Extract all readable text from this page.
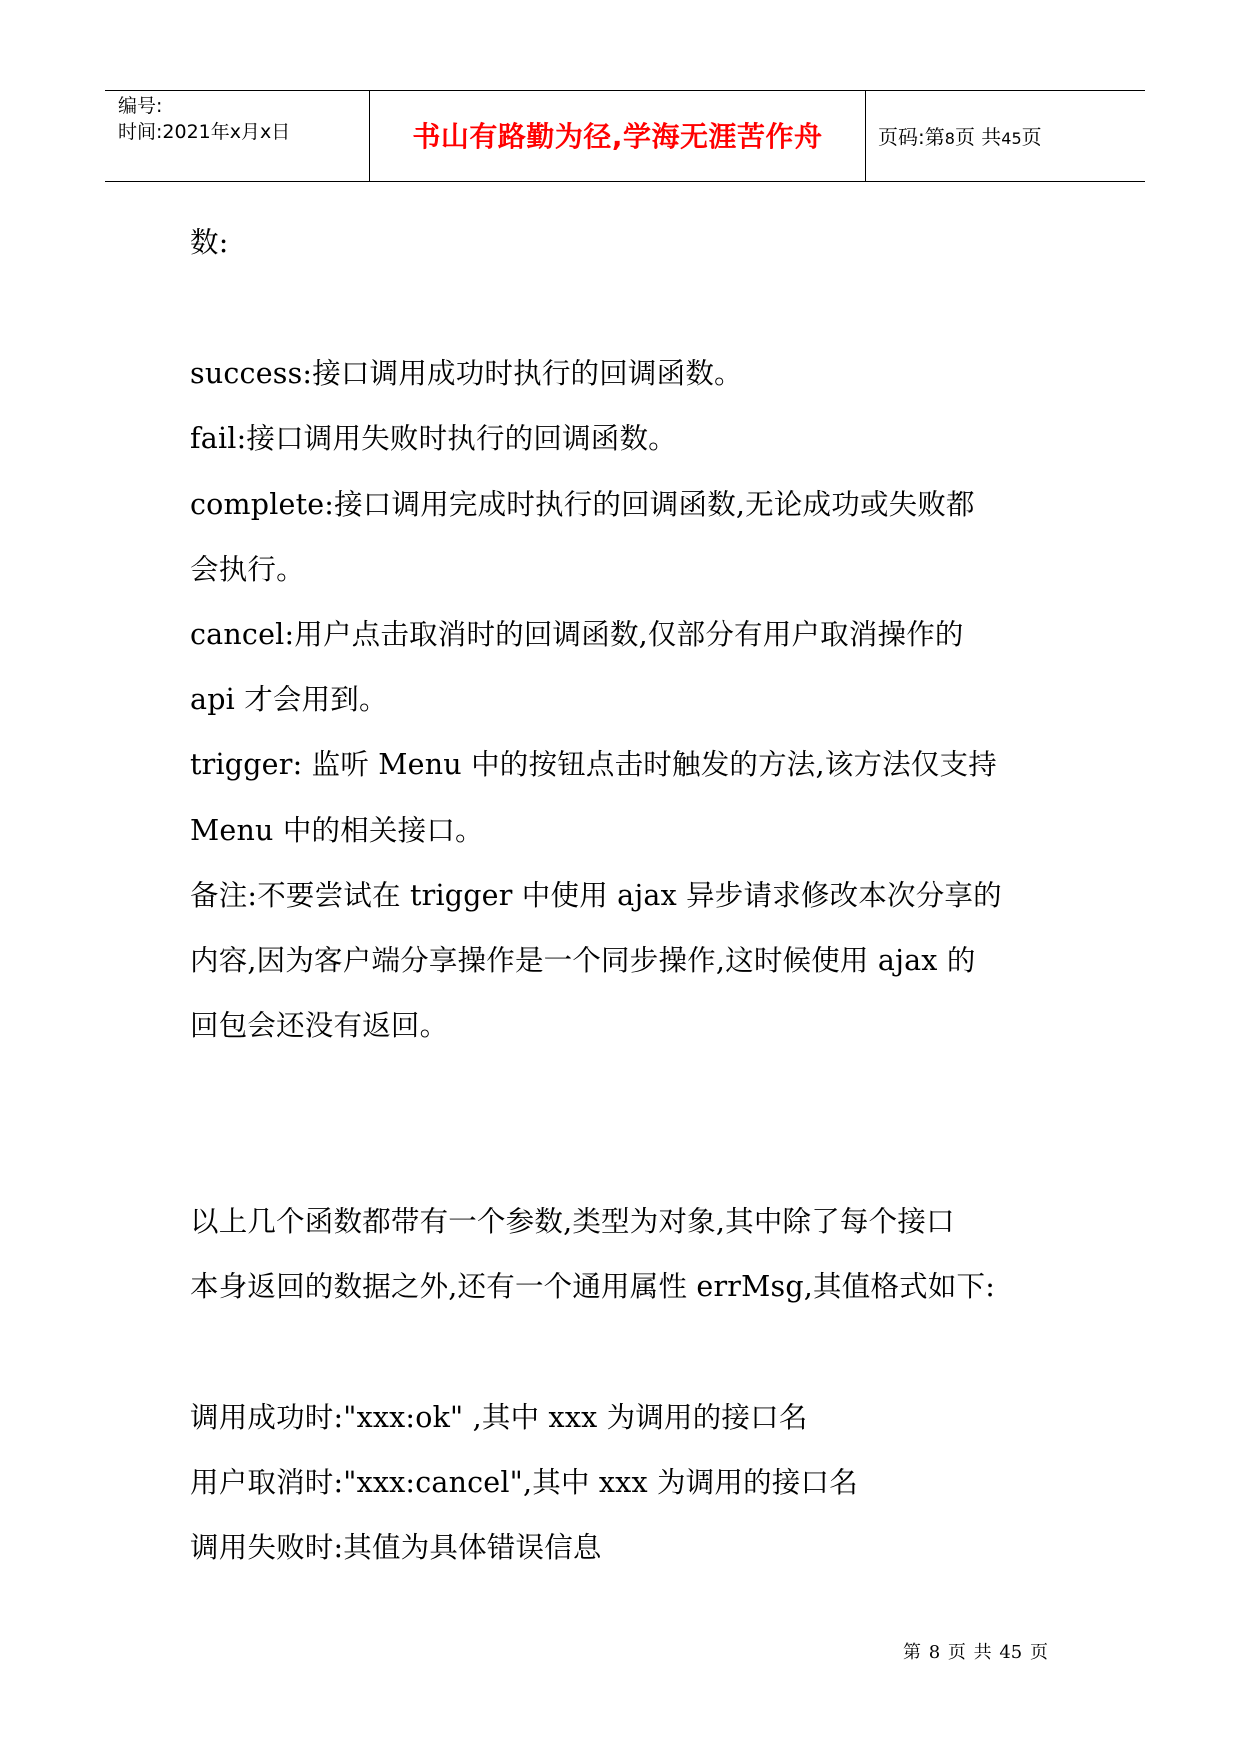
编号:
时间:2021年x月x日	书山有路勤为径,学海无涯苦作舟	页码:第8页 共45页
数:
success:接口调用成功时执行的回调函数。
fail:接口调用失败时执行的回调函数。
complete:接口调用完成时执行的回调函数,无论成功或失败都
会执行。
cancel:用户点击取消时的回调函数,仅部分有用户取消操作的
api 才会用到。
trigger: 监听 Menu 中的按钮点击时触发的方法,该方法仅支持
Menu 中的相关接口。
备注:不要尝试在 trigger 中使用 ajax 异步请求修改本次分享的
内容,因为客户端分享操作是一个同步操作,这时候使用 ajax 的
回包会还没有返回。
以上几个函数都带有一个参数,类型为对象,其中除了每个接口
本身返回的数据之外,还有一个通用属性 errMsg,其值格式如下:
调用成功时:"xxx:ok" ,其中 xxx 为调用的接口名
用户取消时:"xxx:cancel",其中 xxx 为调用的接口名
调用失败时:其值为具体错误信息
第 8 页 共 45 页
